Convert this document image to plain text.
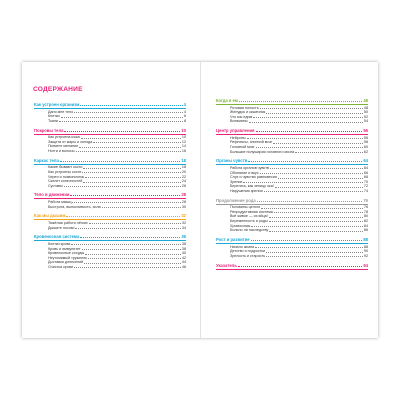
СОДЕРЖАНИЕ
Как устроен организм	4
Дано мне тело	4
Клетки	6
Ткани	8
Покровы тела	10
Как устроена кожа	10
Защита от жары и холода	12
Пигмент меланин	14
Ногти и волосы	16
Каркас тела	18
Какие бывают кости	18
Как устроены кости	20
Череп и позвоночник	22
Скелет конечностей	24
Суставы	26
Тело в движении	28
Работа мышц	28
Быстрота, выносливость, сила	30
Как мы дышим	32
Тяжёлая работа лёгких	32
Дышите носом!	34
Кровеносная система	36
Клетки крови	36
Кровь и иммунитет	38
Кровеносные сосуды	40
Неутомимый труженик	42
Доставка донесений	44
Очистка крови	46
Когда я ем	48
Ротовая полость	48
Желудок и кишечник	50
Что мы едим	52
Витамины	54
Центр управления	56
Нейроны	56
Рефлексы, спинной мозг	58
Головной мозг	60
Большие полушария головного мозга	62
Органы чувств	64
Работа органов чувств	64
Обоняние и вкус	66
Слух и чувство равновесия	68
Зрение	70
Берегись, как зеницу ока!	72
Нарушения зрения	74
Продолжение рода	76
Половины целого	76
Репродуктивная система	78
Всё живое — из яйца!	80
Беременность и роды	82
Хромосомы	84
Больно ли наследству	86
Рост и развитие	88
Начало жизни	88
Детство и подростки	90
Зрелость и старость	92
Указатель	94
